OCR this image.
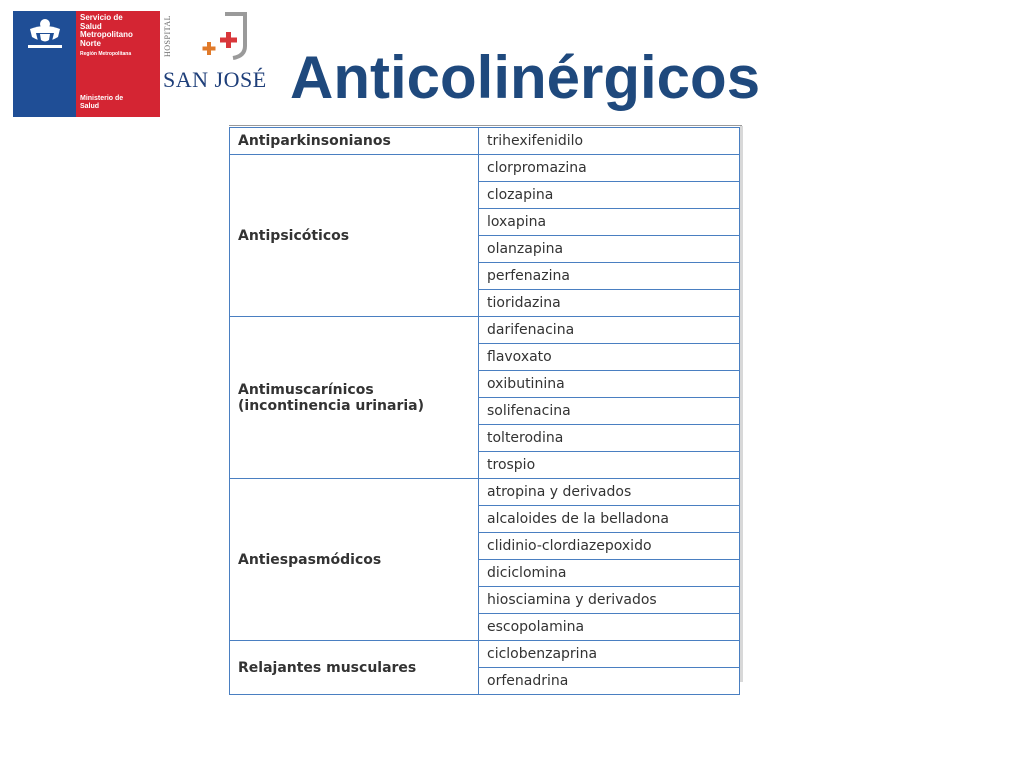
Servicio de
Salud
Metropolitano
Norte
Región Metropolitana
Ministerio de
Salud
HOSPITAL
SAN JOSÉ Anticolinérgicos
Antiparkinsonianos	trihexifenidilo
Antipsicóticos	clorpromazina
	clozapina
	loxapina
	olanzapina
	perfenazina
	tioridazina
Antimuscarínicos (incontinencia urinaria)	darifenacina
	flavoxato
	oxibutinina
	solifenacina
	tolterodina
	trospio
Antiespasmódicos	atropina y derivados
	alcaloides de la belladona
	clidinio-clordiazepoxido
	diciclomina
	hiosciamina y derivados
	escopolamina
Relajantes musculares	ciclobenzaprina
	orfenadrina
